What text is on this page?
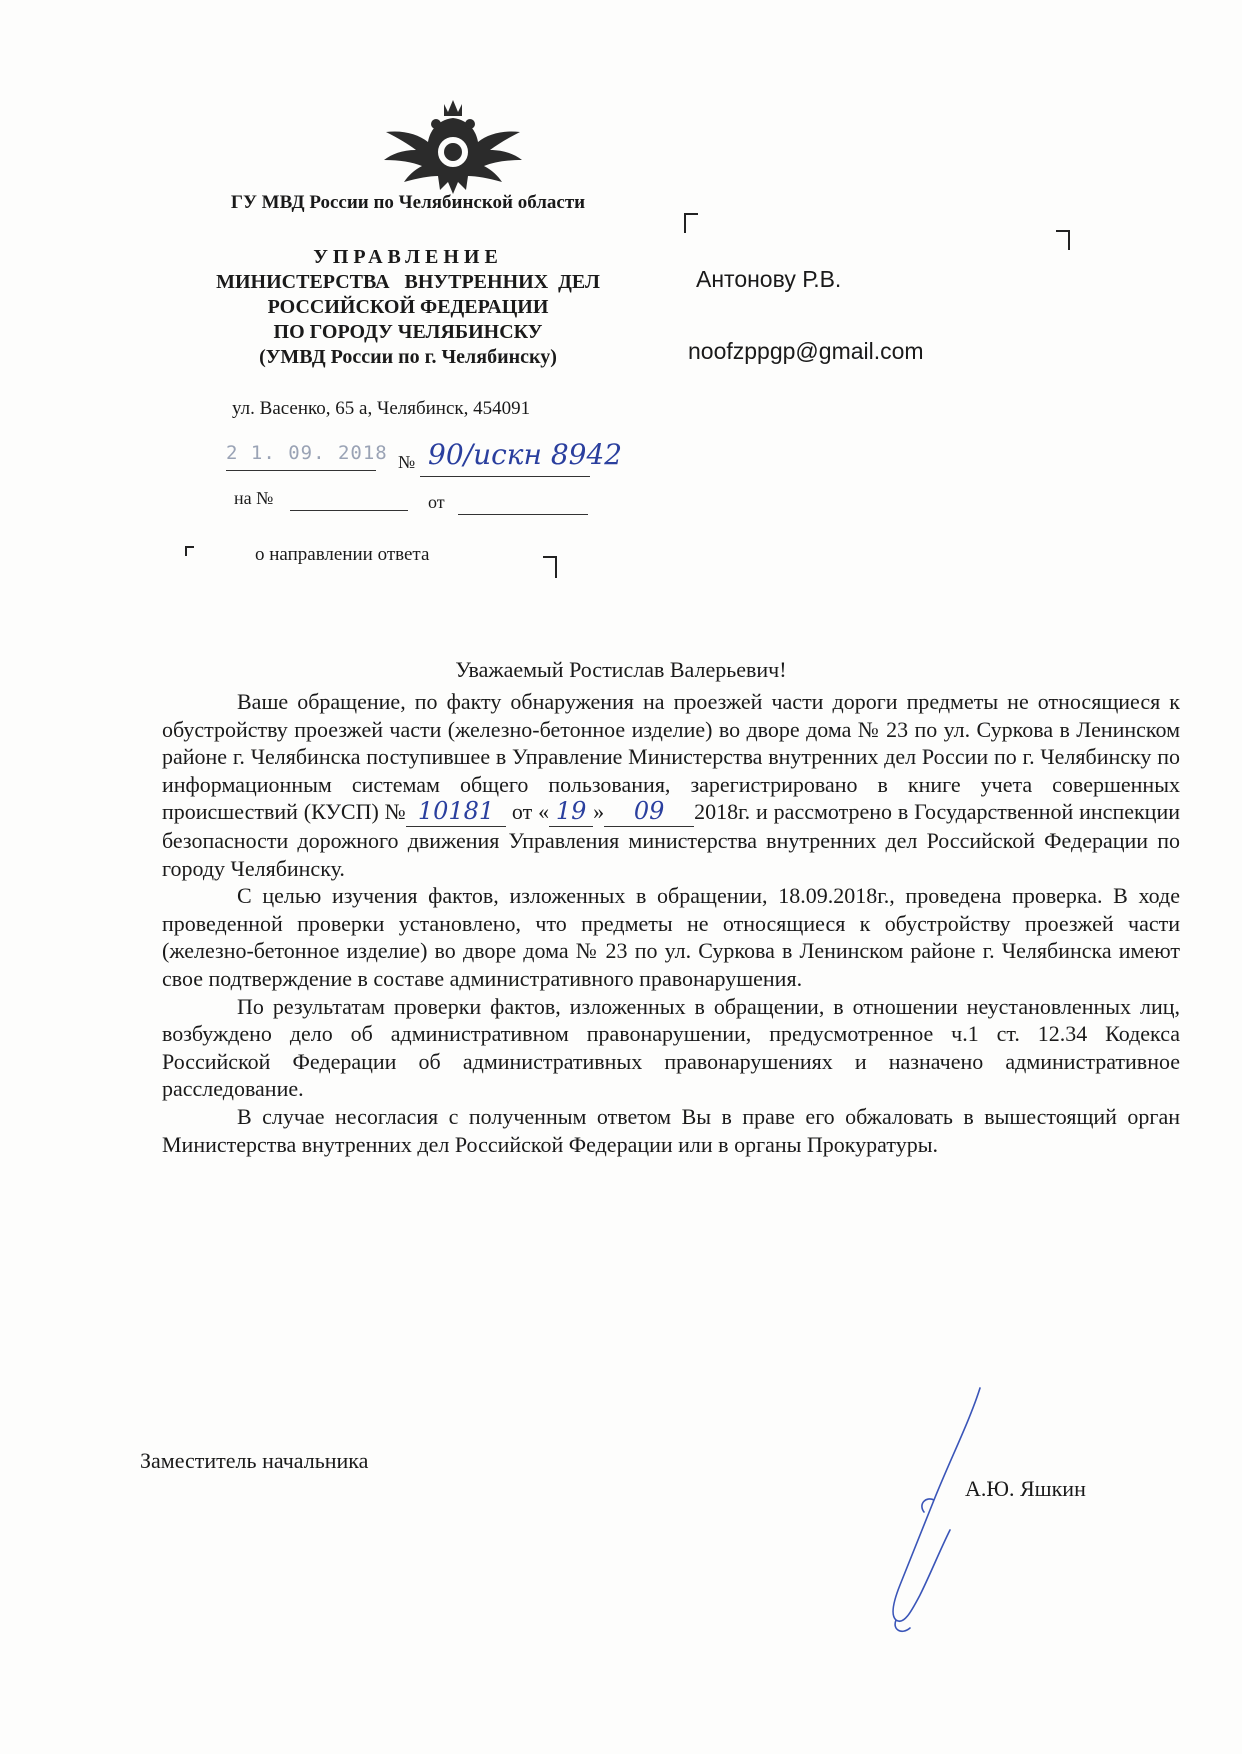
ГУ МВД России по Челябинской области
УПРАВЛЕНИЕ
МИНИСТЕРСТВА   ВНУТРЕННИХ  ДЕЛ
РОССИЙСКОЙ ФЕДЕРАЦИИ
ПО ГОРОДУ ЧЕЛЯБИНСКУ
(УМВД России по г. Челябинску)
ул. Васенко, 65 а, Челябинск, 454091
2 1. 09. 2018 № 90/искн 8942
на №	от
о направлении ответа
Антонову Р.В.
noofzppgp@gmail.com
Уважаемый Ростислав Валерьевич!

Ваше обращение, по факту обнаружения на проезжей части дороги предметы не относящиеся к обустройству проезжей части (железно-бетонное изделие) во дворе дома № 23 по ул. Суркова в Ленинском районе г. Челябинска поступившее в Управление Министерства внутренних дел России по г. Челябинску по информационным системам общего пользования, зарегистрировано в книге учета совершенных происшествий (КУСП) № 10181 от « 19 » 09 2018г. и рассмотрено в Государственной инспекции безопасности дорожного движения Управления министерства внутренних дел Российской Федерации по городу Челябинску.

С целью изучения фактов, изложенных в обращении, 18.09.2018г., проведена проверка. В ходе проведенной проверки установлено, что предметы не относящиеся к обустройству проезжей части (железно-бетонное изделие) во дворе дома № 23 по ул. Суркова в Ленинском районе г. Челябинска имеют свое подтверждение в составе административного правонарушения.

По результатам проверки фактов, изложенных в обращении, в отношении неустановленных лиц, возбуждено дело об административном правонарушении, предусмотренное ч.1 ст. 12.34 Кодекса Российской Федерации об административных правонарушениях и назначено административное расследование.

В случае несогласия с полученным ответом Вы в праве его обжаловать в вышестоящий орган Министерства внутренних дел Российской Федерации или в органы Прокуратуры.

Заместитель начальника
А.Ю. Яшкин
